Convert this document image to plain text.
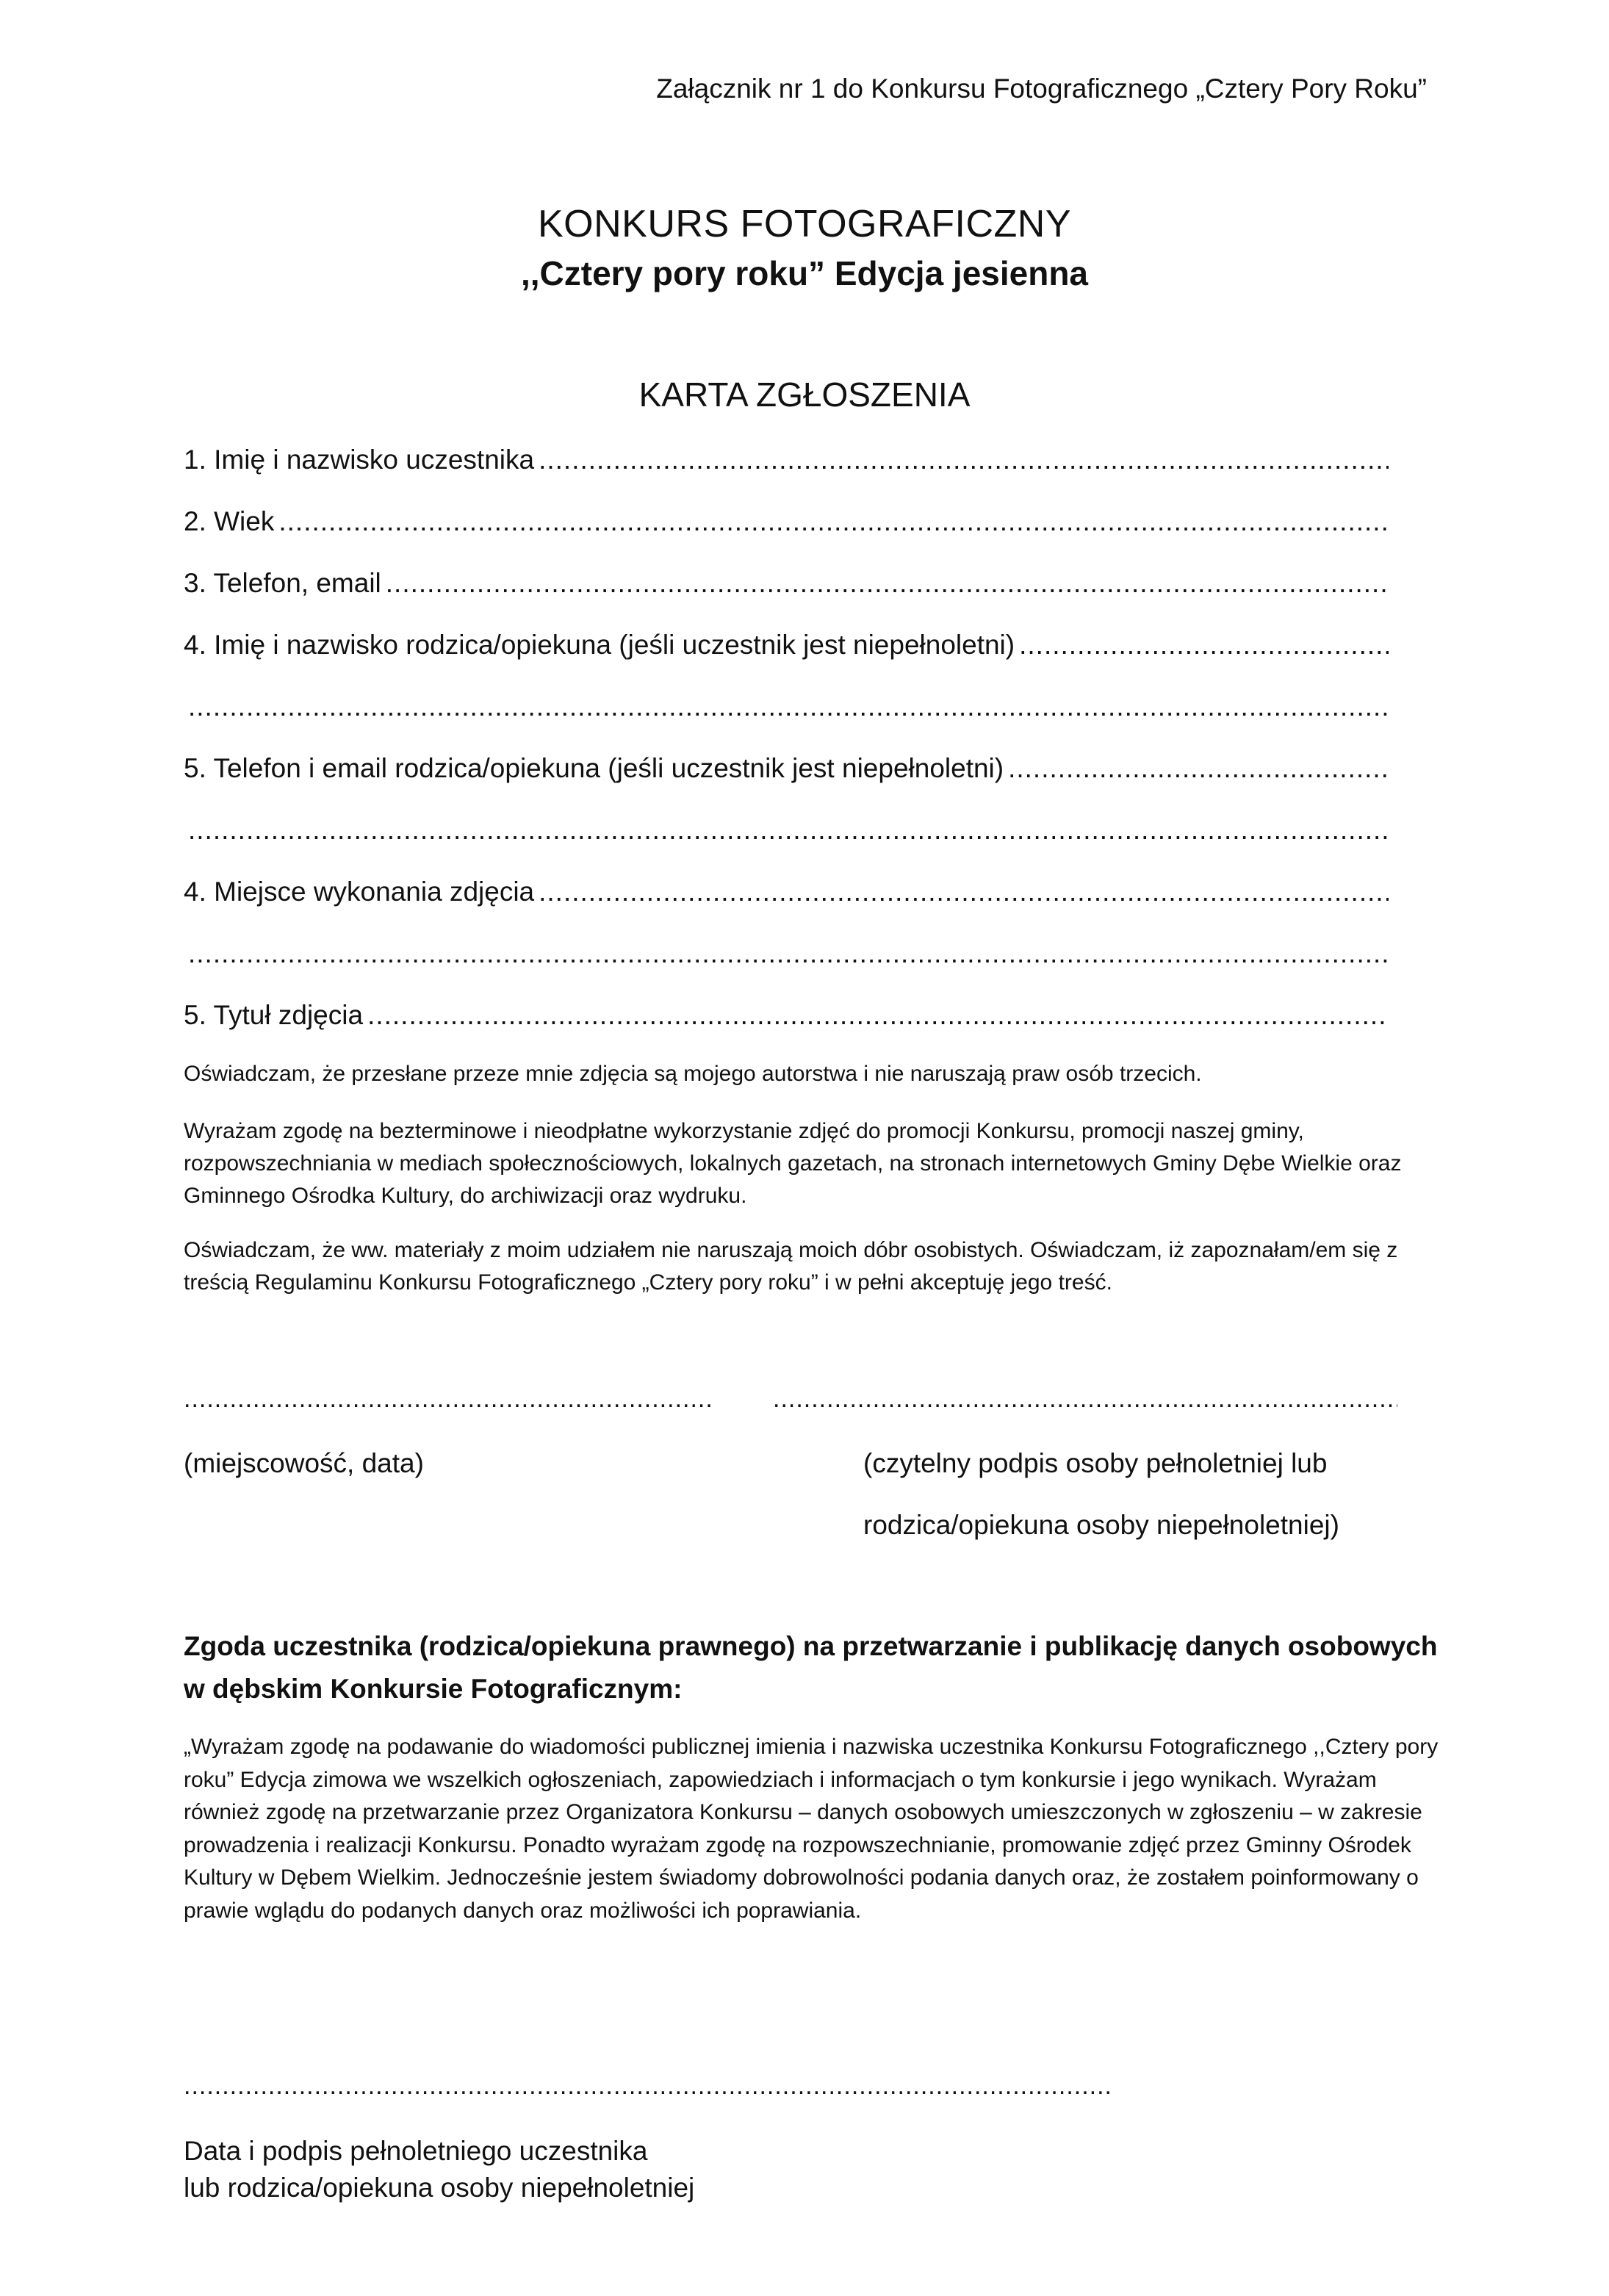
Załącznik nr 1 do Konkursu Fotograficznego „Cztery Pory Roku”
KONKURS FOTOGRAFICZNY
,,Cztery pory roku” Edycja jesienna
KARTA ZGŁOSZENIA
1. Imię i nazwisko uczestnika
.....
2. Wiek
.....
3. Telefon, email
.....
4. Imię i nazwisko rodzica/opiekuna (jeśli uczestnik jest niepełnoletni)
.....
.....
5. Telefon i email rodzica/opiekuna (jeśli uczestnik jest niepełnoletni)
.....
.....
4. Miejsce wykonania zdjęcia
.....
.....
5. Tytuł zdjęcia
.....
Oświadczam, że przesłane przeze mnie zdjęcia są mojego autorstwa i nie naruszają praw osób trzecich.
Wyrażam zgodę na bezterminowe i nieodpłatne wykorzystanie zdjęć do promocji Konkursu, promocji naszej gminy, rozpowszechniania w mediach społecznościowych, lokalnych gazetach, na stronach internetowych Gminy Dębe Wielkie oraz Gminnego Ośrodka Kultury, do archiwizacji oraz wydruku.
Oświadczam, że ww. materiały z moim udziałem nie naruszają moich dóbr osobistych. Oświadczam, iż zapoznałam/em się z treścią Regulaminu Konkursu Fotograficznego „Cztery pory roku” i w pełni akceptuję jego treść.
.....
.....
(miejscowość, data)	(czytelny podpis osoby pełnoletniej lub
rodzica/opiekuna osoby niepełnoletniej)
Zgoda uczestnika (rodzica/opiekuna prawnego) na przetwarzanie i publikację danych osobowych w dębskim Konkursie Fotograficznym:
„Wyrażam zgodę na podawanie do wiadomości publicznej imienia i nazwiska uczestnika Konkursu Fotograficznego ,,Cztery pory roku” Edycja zimowa we wszelkich ogłoszeniach, zapowiedziach i informacjach o tym konkursie i jego wynikach. Wyrażam również zgodę na przetwarzanie przez Organizatora Konkursu – danych osobowych umieszczonych w zgłoszeniu – w zakresie prowadzenia i realizacji Konkursu. Ponadto wyrażam zgodę na rozpowszechnianie, promowanie zdjęć przez Gminny Ośrodek Kultury w Dębem Wielkim. Jednocześnie jestem świadomy dobrowolności podania danych oraz, że zostałem poinformowany o prawie wglądu do podanych danych oraz możliwości ich poprawiania.
.....
Data i podpis pełnoletniego uczestnika
lub rodzica/opiekuna osoby niepełnoletniej
